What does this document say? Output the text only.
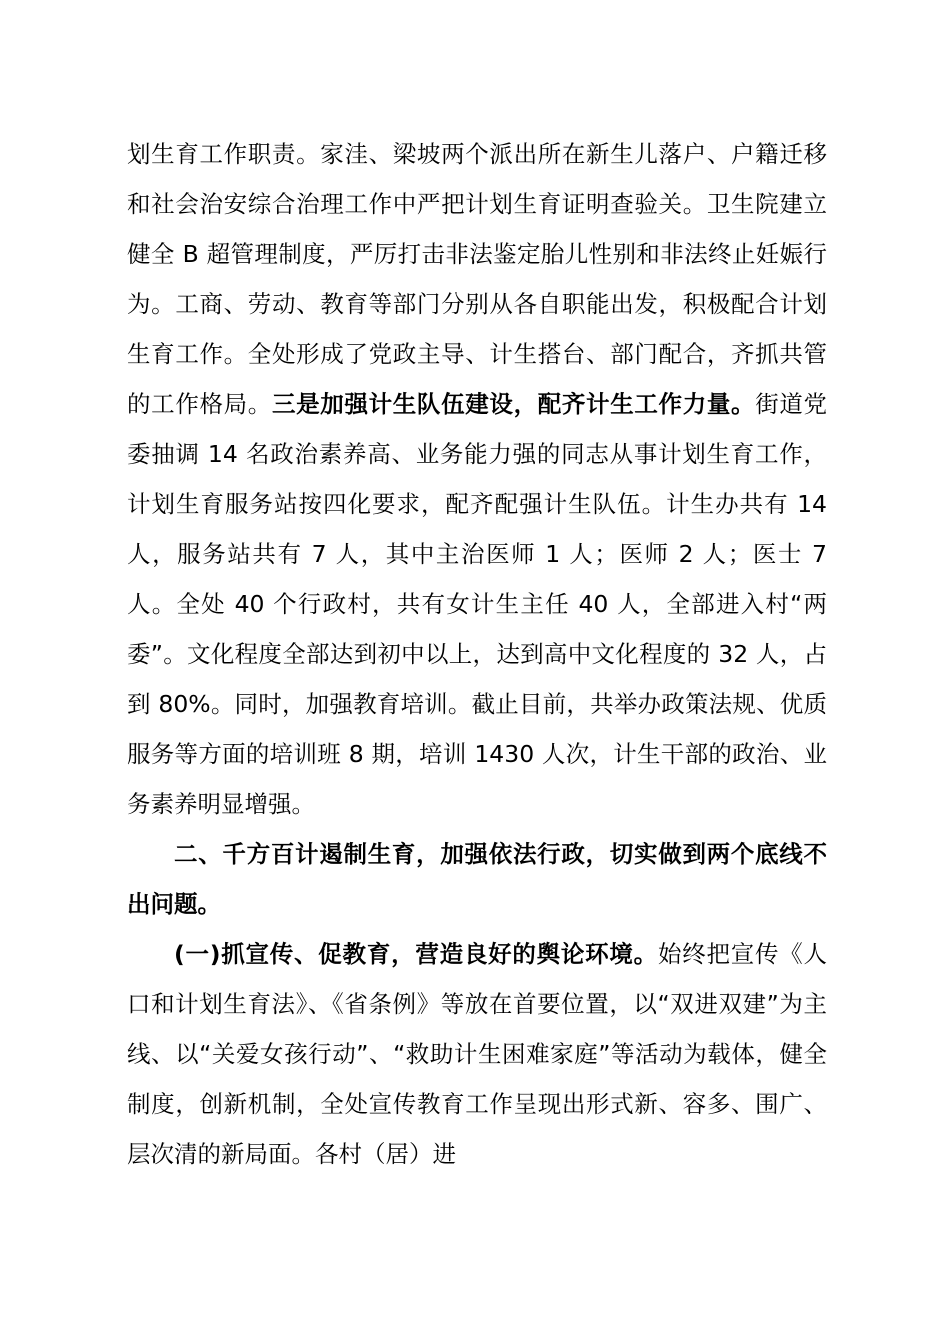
划生育工作职责。家洼、梁坡两个派出所在新生儿落户、户籍迁移和社会治安综合治理工作中严把计划生育证明查验关。卫生院建立健全 B 超管理制度，严厉打击非法鉴定胎儿性别和非法终止妊娠行为。工商、劳动、教育等部门分别从各自职能出发，积极配合计划生育工作。全处形成了党政主导、计生搭台、部门配合，齐抓共管的工作格局。三是加强计生队伍建设，配齐计生工作力量。街道党委抽调 14 名政治素养高、业务能力强的同志从事计划生育工作，计划生育服务站按四化要求，配齐配强计生队伍。计生办共有 14 人，服务站共有 7 人，其中主治医师 1 人；医师 2 人；医士 7 人。全处 40 个行政村，共有女计生主任 40 人，全部进入村“两委”。文化程度全部达到初中以上，达到高中文化程度的 32 人，占到 80%。同时，加强教育培训。截止目前，共举办政策法规、优质服务等方面的培训班 8 期，培训 1430 人次，计生干部的政治、业务素养明显增强。

二、千方百计遏制生育，加强依法行政，切实做到两个底线不出问题。

(一)抓宣传、促教育，营造良好的舆论环境。始终把宣传《人口和计划生育法》、《省条例》等放在首要位置，以“双进双建”为主线、以“关爱女孩行动”、“救助计生困难家庭”等活动为载体，健全制度，创新机制，全处宣传教育工作呈现出形式新、容多、围广、层次清的新局面。各村（居）进
